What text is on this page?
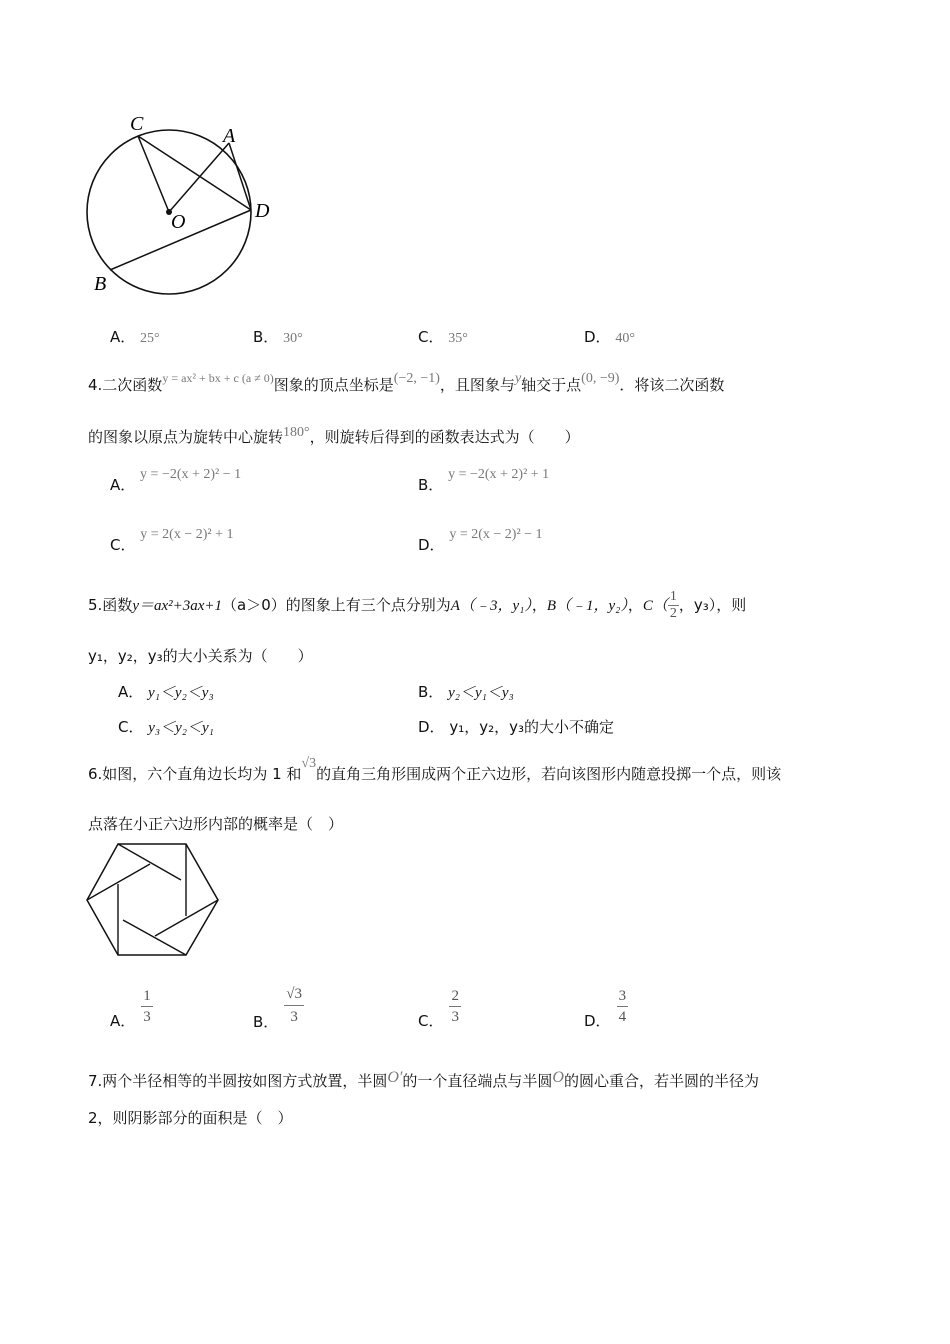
C
A
O	D
B
A． 25°	B． 30°	C． 35°	D． 40°
4.二次函数$^{y = ax^2 + bx + c (a \ne 0)}$图象的顶点坐标是(−2, −1)，且图象与y轴交于点(0, −9)．将该二次函数
的图象以原点为旋转中心旋转180°，则旋转后得到的函数表达式为（　　）
A． y = −2(x + 2)² − 1
B． y = −2(x + 2)² + 1
C． y = 2(x − 2)² + 1
D． y = 2(x − 2)² − 1
5.函数y＝ax²+3ax+1（a＞0）的图象上有三个点分别为A（﹣3，y₁），B（﹣1，y₂），$C( \frac{1}{2}$ ，y₃），则
y₁，y₂，y₃的大小关系为（　　）
A． y₁＜y₂＜y₃	B． y₂＜y₁＜y₃
C． y₃＜y₂＜y₁	D． y₁，y₂，y₃的大小不确定
6.如图，六个直角边长均为 1 和√3的直角三角形围成两个正六边形，若向该图形内随意投掷一个点，则该
点落在小正六边形内部的概率是（　）
A． $\frac{1}{3}$	B． $\frac{√3}{3}$	C． $\frac{2}{3}$	D． $\frac{3}{4}$
7.两个半径相等的半圆按如图方式放置，半圆O′的一个直径端点与半圆O的圆心重合，若半圆的半径为
2，则阴影部分的面积是（　）
